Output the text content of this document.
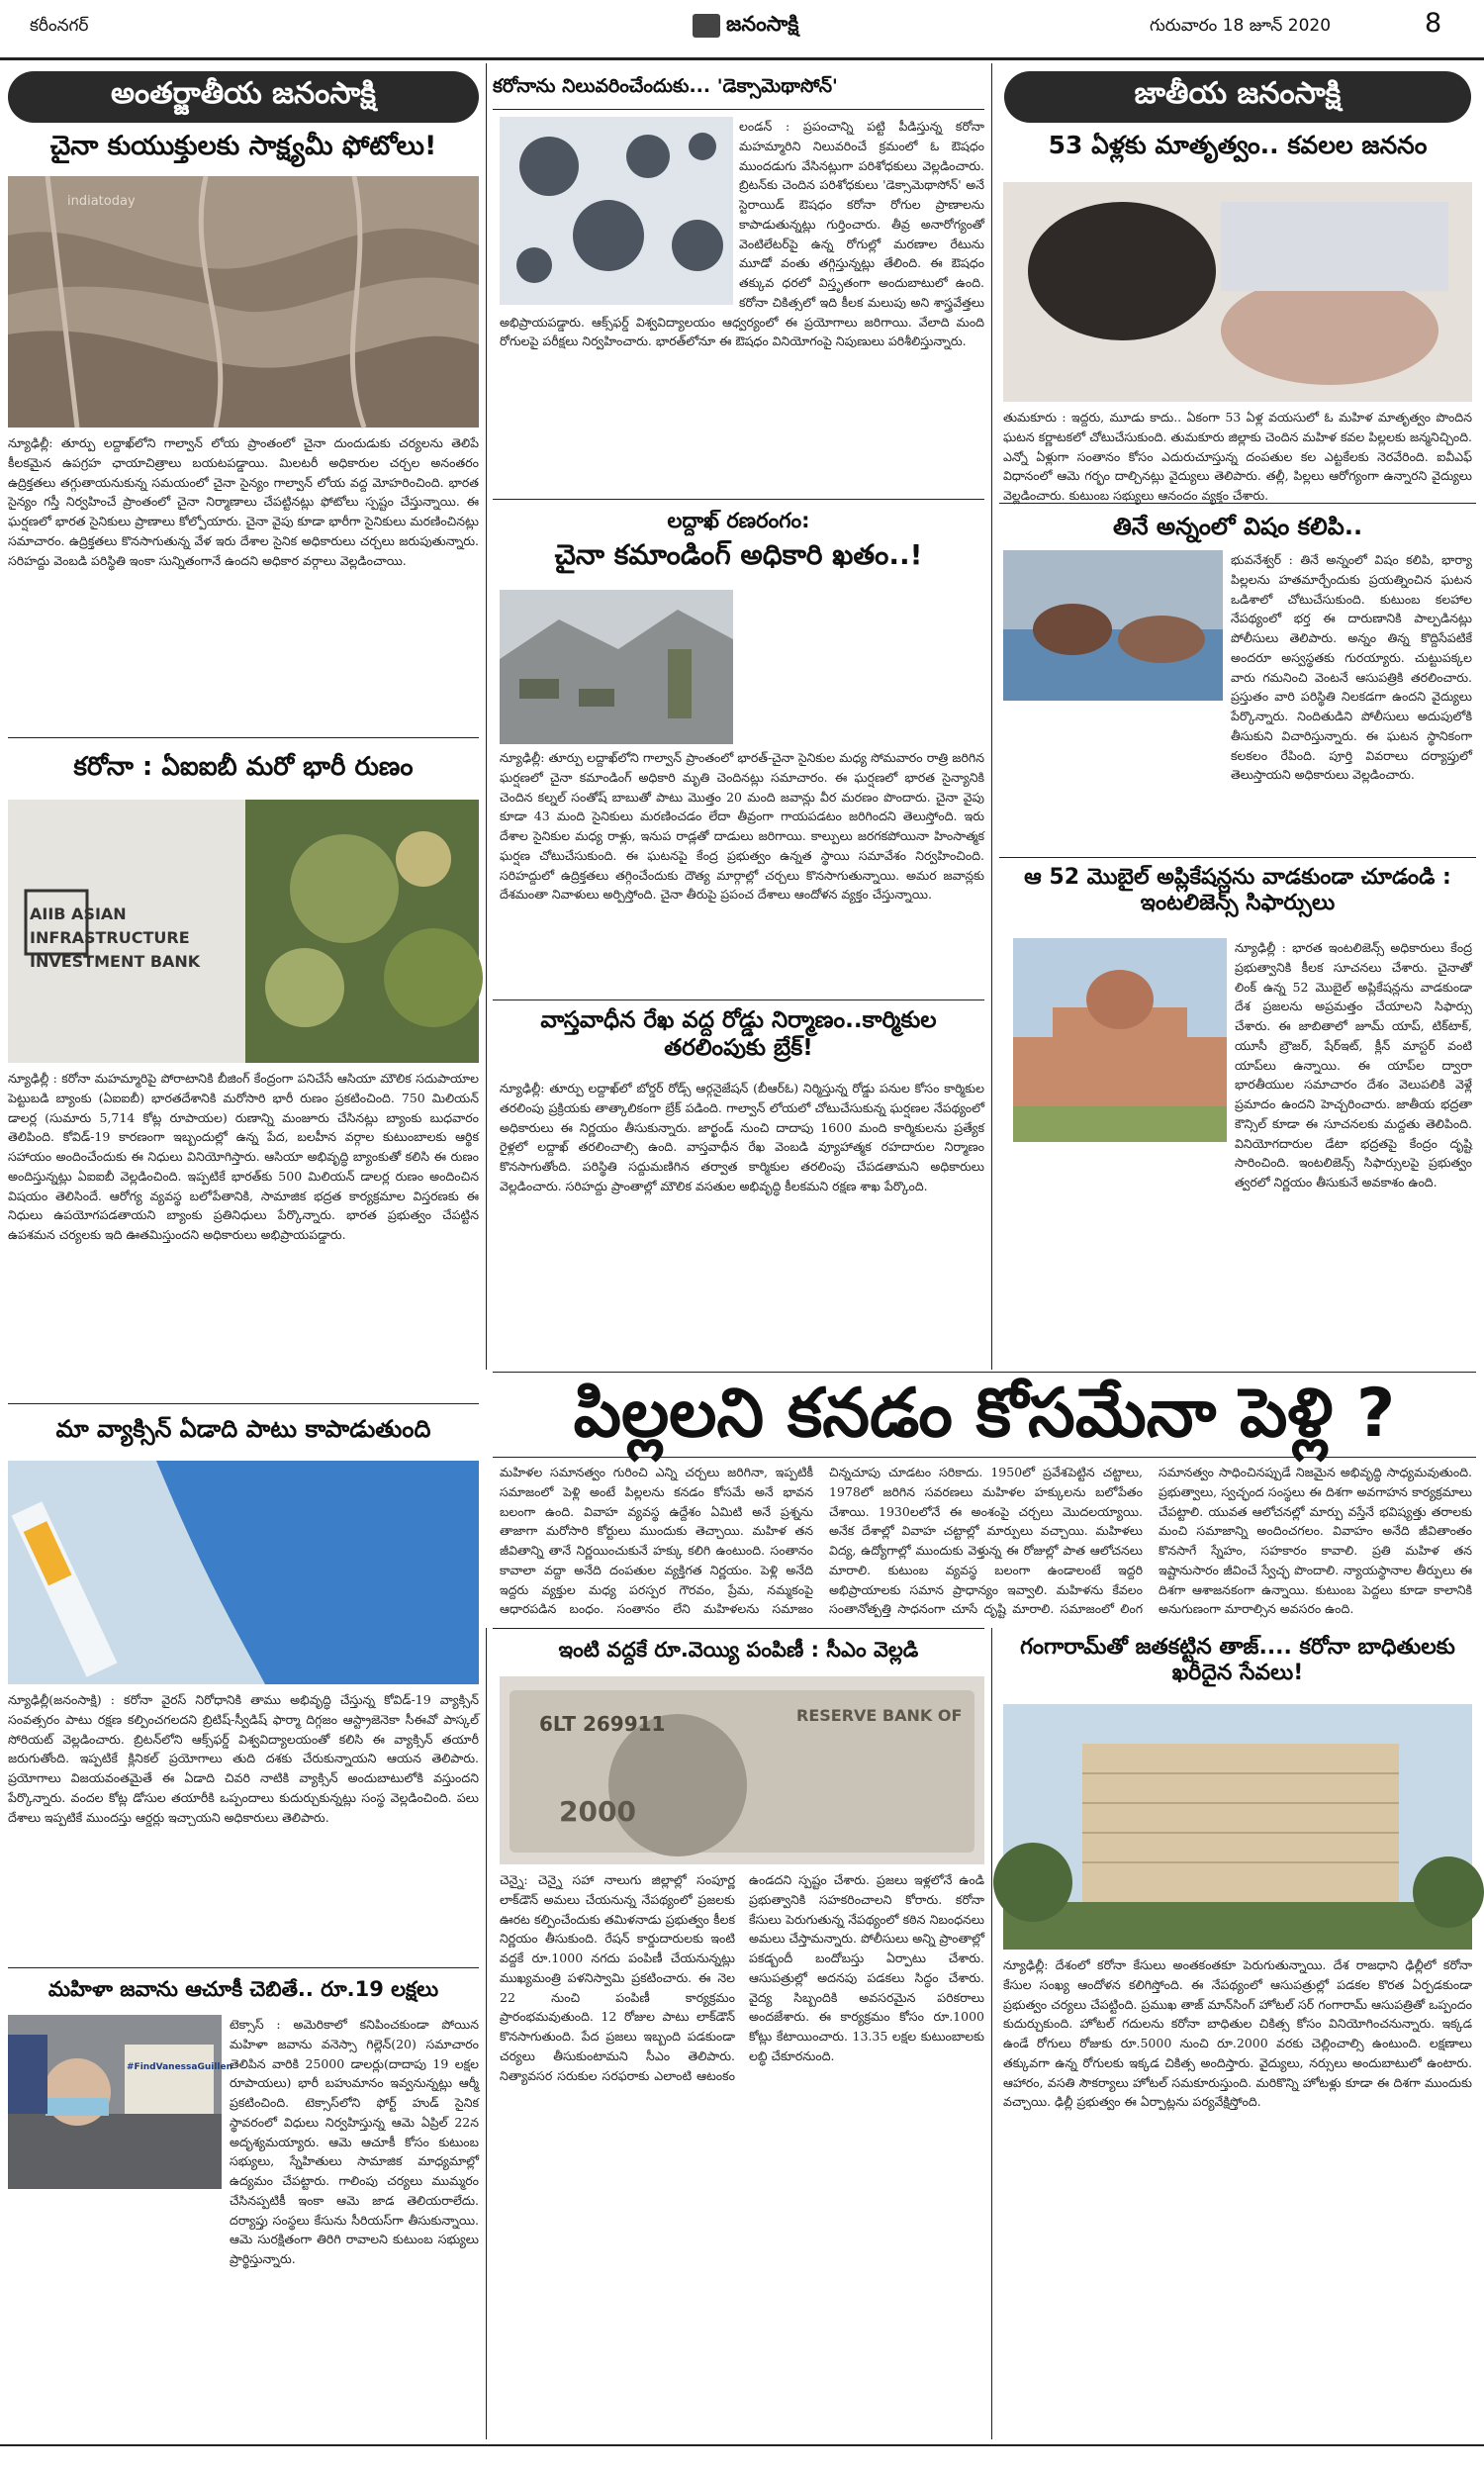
కరీంనగర్	జనంసాక్షి	గురువారం 18 జూన్ 2020	8
అంతర్జాతీయ జనంసాక్షి
చైనా కుయుక్తులకు సాక్ష్యమీ ఫోటోలు!
indiatoday
న్యూఢిల్లీ: తూర్పు లద్దాఖ్‌లోని గాల్వాన్ లోయ ప్రాంతంలో చైనా దుందుడుకు చర్యలను తెలిపే కీలకమైన ఉపగ్రహ ఛాయాచిత్రాలు బయటపడ్డాయి. మిలటరీ అధికారుల చర్చల అనంతరం ఉద్రిక్తతలు తగ్గుతాయనుకున్న సమయంలో చైనా సైన్యం గాల్వాన్ లోయ వద్ద మోహరించింది. భారత సైన్యం గస్తీ నిర్వహించే ప్రాంతంలో చైనా నిర్మాణాలు చేపట్టినట్లు ఫోటోలు స్పష్టం చేస్తున్నాయి. ఈ ఘర్షణలో భారత సైనికులు ప్రాణాలు కోల్పోయారు. చైనా వైపు కూడా భారీగా సైనికులు మరణించినట్లు సమాచారం. ఉద్రిక్తతలు కొనసాగుతున్న వేళ ఇరు దేశాల సైనిక అధికారులు చర్చలు జరుపుతున్నారు. సరిహద్దు వెంబడి పరిస్థితి ఇంకా సున్నితంగానే ఉందని అధికార వర్గాలు వెల్లడించాయి.
కరోనా : ఏఐఐబీ మరో భారీ రుణం
AIIB ASIAN INFRASTRUCTURE INVESTMENT BANK
న్యూఢిల్లీ : కరోనా మహమ్మారిపై పోరాటానికి బీజింగ్ కేంద్రంగా పనిచేసే ఆసియా మౌలిక సదుపాయాల పెట్టుబడి బ్యాంకు (ఏఐఐబీ) భారతదేశానికి మరోసారి భారీ రుణం ప్రకటించింది. 750 మిలియన్ డాలర్ల (సుమారు 5,714 కోట్ల రూపాయల) రుణాన్ని మంజూరు చేసినట్లు బ్యాంకు బుధవారం తెలిపింది. కోవిడ్-19 కారణంగా ఇబ్బందుల్లో ఉన్న పేద, బలహీన వర్గాల కుటుంబాలకు ఆర్థిక సహాయం అందించేందుకు ఈ నిధులు వినియోగిస్తారు. ఆసియా అభివృద్ధి బ్యాంకుతో కలిసి ఈ రుణం అందిస్తున్నట్లు ఏఐఐబీ వెల్లడించింది. ఇప్పటికే భారత్‌కు 500 మిలియన్ డాలర్ల రుణం అందించిన విషయం తెలిసిందే. ఆరోగ్య వ్యవస్థ బలోపేతానికి, సామాజిక భద్రత కార్యక్రమాల విస్తరణకు ఈ నిధులు ఉపయోగపడతాయని బ్యాంకు ప్రతినిధులు పేర్కొన్నారు. భారత ప్రభుత్వం చేపట్టిన ఉపశమన చర్యలకు ఇది ఊతమిస్తుందని అధికారులు అభిప్రాయపడ్డారు.
మా వ్యాక్సిన్ ఏడాది పాటు కాపాడుతుంది
న్యూఢిల్లీ(జ‌నంసాక్షి) : కరోనా వైరస్ నిరోధానికి తాము అభివృద్ధి చేస్తున్న కోవిడ్-19 వ్యాక్సిన్ సంవత్సరం పాటు రక్షణ కల్పించగలదని బ్రిటిష్-స్వీడిష్ ఫార్మా దిగ్గజం ఆస్ట్రాజెనెకా సీఈవో పాస్కల్ సోరియట్ వెల్లడించారు. బ్రిటన్‌లోని ఆక్స్‌ఫర్డ్ విశ్వవిద్యాలయంతో కలిసి ఈ వ్యాక్సిన్ తయారీ జరుగుతోంది. ఇప్పటికే క్లినికల్ ప్రయోగాలు తుది దశకు చేరుకున్నాయని ఆయన తెలిపారు. ప్రయోగాలు విజయవంతమైతే ఈ ఏడాది చివరి నాటికి వ్యాక్సిన్ అందుబాటులోకి వస్తుందని పేర్కొన్నారు. వందల కోట్ల డోసుల తయారీకి ఒప్పందాలు కుదుర్చుకున్నట్లు సంస్థ వెల్లడించింది. పలు దేశాలు ఇప్పటికే ముందస్తు ఆర్డర్లు ఇచ్చాయని అధికారులు తెలిపారు.
మహిళా జవాను ఆచూకీ చెబితే.. రూ.19 లక్షలు
#FindVanessaGuillen
టెక్సాస్ : అమెరికాలో కనిపించకుండా పోయిన మహిళా జవాను వనెస్సా గిల్లెన్(20) సమాచారం తెలిపిన వారికి 25000 డాలర్లు(దాదాపు 19 లక్షల రూపాయలు) భారీ బహుమానం ఇవ్వనున్నట్లు ఆర్మీ ప్రకటించింది. టెక్సాస్‌లోని ఫోర్ట్ హుడ్ సైనిక స్థావరంలో విధులు నిర్వహిస్తున్న ఆమె ఏప్రిల్ 22న అదృశ్యమయ్యారు. ఆమె ఆచూకీ కోసం కుటుంబ సభ్యులు, స్నేహితులు సామాజిక మాధ్యమాల్లో ఉద్యమం చేపట్టారు. గాలింపు చర్యలు ముమ్మరం చేసినప్పటికీ ఇంకా ఆమె జాడ తెలియరాలేదు. దర్యాప్తు సంస్థలు కేసును సీరియస్‌గా తీసుకున్నాయి. ఆమె సురక్షితంగా తిరిగి రావాలని కుటుంబ సభ్యులు ప్రార్థిస్తున్నారు.
కరోనాను నిలువరించేందుకు... 'డెక్సామెథాసోన్'
లండన్ : ప్రపంచాన్ని పట్టి పీడిస్తున్న కరోనా మహమ్మారిని నిలువరించే క్రమంలో ఓ ఔషధం ముందడుగు వేసినట్లుగా పరిశోధకులు వెల్లడించారు. బ్రిటన్‌కు చెందిన పరిశోధకులు 'డెక్సామెథాసోన్' అనే స్టెరాయిడ్ ఔషధం కరోనా రోగుల ప్రాణాలను కాపాడుతున్నట్లు గుర్తించారు. తీవ్ర అనారోగ్యంతో వెంటిలేటర్‌పై ఉన్న రోగుల్లో మరణాల రేటును మూడో వంతు తగ్గిస్తున్నట్లు తేలింది. ఈ ఔషధం తక్కువ ధరలో విస్తృతంగా అందుబాటులో ఉంది. కరోనా చికిత్సలో ఇది కీలక మలుపు అని శాస్త్రవేత్తలు అభిప్రాయపడ్డారు. ఆక్స్‌ఫర్డ్ విశ్వవిద్యాలయం ఆధ్వర్యంలో ఈ ప్రయోగాలు జరిగాయి. వేలాది మంది రోగులపై పరీక్షలు నిర్వహించారు. భారత్‌లోనూ ఈ ఔషధం వినియోగంపై నిపుణులు పరిశీలిస్తున్నారు.
లద్దాఖ్ రణరంగం:
చైనా కమాండింగ్ అధికారి ఖతం..!
న్యూఢిల్లీ: తూర్పు లద్దాఖ్‌లోని గాల్వాన్ ప్రాంతంలో భారత్-చైనా సైనికుల మధ్య సోమవారం రాత్రి జరిగిన ఘర్షణలో చైనా కమాండింగ్ అధికారి మృతి చెందినట్లు సమాచారం. ఈ ఘర్షణలో భారత సైన్యానికి చెందిన కల్నల్ సంతోష్ బాబుతో పాటు మొత్తం 20 మంది జవాన్లు వీర మరణం పొందారు. చైనా వైపు కూడా 43 మంది సైనికులు మరణించడం లేదా తీవ్రంగా గాయపడటం జరిగిందని తెలుస్తోంది. ఇరు దేశాల సైనికుల మధ్య రాళ్లు, ఇనుప రాడ్లతో దాడులు జరిగాయి. కాల్పులు జరగకపోయినా హింసాత్మక ఘర్షణ చోటుచేసుకుంది. ఈ ఘటనపై కేంద్ర ప్రభుత్వం ఉన్నత స్థాయి సమావేశం నిర్వహించింది. సరిహద్దులో ఉద్రిక్తతలు తగ్గించేందుకు దౌత్య మార్గాల్లో చర్చలు కొనసాగుతున్నాయి. అమర జవాన్లకు దేశమంతా నివాళులు అర్పిస్తోంది. చైనా తీరుపై ప్రపంచ దేశాలు ఆందోళన వ్యక్తం చేస్తున్నాయి.
వాస్తవాధీన రేఖ వద్ద రోడ్డు నిర్మాణం..కార్మికుల తరలింపుకు బ్రేక్!
న్యూఢిల్లీ: తూర్పు లద్దాఖ్‌లో బోర్డర్ రోడ్స్ ఆర్గనైజేషన్ (బీఆర్‌ఓ) నిర్మిస్తున్న రోడ్డు పనుల కోసం కార్మికుల తరలింపు ప్రక్రియకు తాత్కాలికంగా బ్రేక్ పడింది. గాల్వాన్ లోయలో చోటుచేసుకున్న ఘర్షణల నేపథ్యంలో అధికారులు ఈ నిర్ణయం తీసుకున్నారు. జార్ఖండ్ నుంచి దాదాపు 1600 మంది కార్మికులను ప్రత్యేక రైళ్లలో లద్దాఖ్ తరలించాల్సి ఉంది. వాస్తవాధీన రేఖ వెంబడి వ్యూహాత్మక రహదారుల నిర్మాణం కొనసాగుతోంది. పరిస్థితి సద్దుమణిగిన తర్వాత కార్మికుల తరలింపు చేపడతామని అధికారులు వెల్లడించారు. సరిహద్దు ప్రాంతాల్లో మౌలిక వసతుల అభివృద్ధి కీలకమని రక్షణ శాఖ పేర్కొంది.
జాతీయ జనంసాక్షి
53 ఏళ్లకు మాతృత్వం.. కవలల జననం
తుమకూరు : ఇద్దరు, మూడు కాదు.. ఏకంగా 53 ఏళ్ల వయసులో ఓ మహిళ మాతృత్వం పొందిన ఘటన కర్ణాటకలో చోటుచేసుకుంది. తుమకూరు జిల్లాకు చెందిన మహిళ కవల పిల్లలకు జన్మనిచ్చింది. ఎన్నో ఏళ్లుగా సంతానం కోసం ఎదురుచూస్తున్న దంపతుల కల ఎట్టకేలకు నెరవేరింది. ఐవీఎఫ్ విధానంలో ఆమె గర్భం దాల్చినట్లు వైద్యులు తెలిపారు. తల్లీ, పిల్లలు ఆరోగ్యంగా ఉన్నారని వైద్యులు వెల్లడించారు. కుటుంబ సభ్యులు ఆనందం వ్యక్తం చేశారు.
తినే అన్నంలో విషం కలిపి..
భువనేశ్వర్ : తినే అన్నంలో విషం కలిపి, భార్యా పిల్లలను హతమార్చేందుకు ప్రయత్నించిన ఘటన ఒడిశాలో చోటుచేసుకుంది. కుటుంబ కలహాల నేపథ్యంలో భర్త ఈ దారుణానికి పాల్పడినట్లు పోలీసులు తెలిపారు. అన్నం తిన్న కొద్దిసేపటికే అందరూ అస్వస్థతకు గురయ్యారు. చుట్టుపక్కల వారు గమనించి వెంటనే ఆసుపత్రికి తరలించారు. ప్రస్తుతం వారి పరిస్థితి నిలకడగా ఉందని వైద్యులు పేర్కొన్నారు. నిందితుడిని పోలీసులు అదుపులోకి తీసుకుని విచారిస్తున్నారు. ఈ ఘటన స్థానికంగా కలకలం రేపింది. పూర్తి వివరాలు దర్యాప్తులో తెలుస్తాయని అధికారులు వెల్లడించారు.
ఆ 52 మొబైల్ అప్లికేషన్లను వాడకుండా చూడండి : ఇంటలిజెన్స్ సిఫార్సులు
న్యూఢిల్లీ : భారత ఇంటలిజెన్స్ అధికారులు కేంద్ర ప్రభుత్వానికి కీలక సూచనలు చేశారు. చైనాతో లింక్ ఉన్న 52 మొబైల్ అప్లికేషన్లను వాడకుండా దేశ ప్రజలను అప్రమత్తం చేయాలని సిఫార్సు చేశారు. ఈ జాబితాలో జూమ్ యాప్, టిక్‌టాక్, యూసీ బ్రౌజర్, షేర్ఇట్, క్లీన్ మాస్టర్ వంటి యాప్‌లు ఉన్నాయి. ఈ యాప్‌ల ద్వారా భారతీయుల సమాచారం దేశం వెలుపలికి వెళ్లే ప్రమాదం ఉందని హెచ్చరించారు. జాతీయ భద్రతా కౌన్సిల్ కూడా ఈ సూచనలకు మద్దతు తెలిపింది. వినియోగదారుల డేటా భద్రతపై కేంద్రం దృష్టి సారించింది. ఇంటలిజెన్స్ సిఫార్సులపై ప్రభుత్వం త్వరలో నిర్ణయం తీసుకునే అవకాశం ఉంది.
పిల్లలని కనడం కోసమేనా పెళ్లి ?
మహిళల సమానత్వం గురించి ఎన్ని చర్చలు జరిగినా, ఇప్పటికీ సమాజంలో పెళ్లి అంటే పిల్లలను కనడం కోసమే అనే భావన బలంగా ఉంది. వివాహ వ్యవస్థ ఉద్దేశం ఏమిటి అనే ప్రశ్నను తాజాగా మరోసారి కోర్టులు ముందుకు తెచ్చాయి. మహిళ తన జీవితాన్ని తానే నిర్ణయించుకునే హక్కు కలిగి ఉంటుంది. సంతానం కావాలా వద్దా అనేది దంపతుల వ్యక్తిగత నిర్ణయం. పెళ్లి అనేది ఇద్దరు వ్యక్తుల మధ్య పరస్పర గౌరవం, ప్రేమ, నమ్మకంపై ఆధారపడిన బంధం. సంతానం లేని మహిళలను సమాజం చిన్నచూపు చూడటం సరికాదు. 1950లో ప్రవేశపెట్టిన చట్టాలు, 1978లో జరిగిన సవరణలు మహిళల హక్కులను బలోపేతం చేశాయి. 1930లలోనే ఈ అంశంపై చర్చలు మొదలయ్యాయి. అనేక దేశాల్లో వివాహ చట్టాల్లో మార్పులు వచ్చాయి. మహిళలు విద్య, ఉద్యోగాల్లో ముందుకు వెళ్తున్న ఈ రోజుల్లో పాత ఆలోచనలు మారాలి. కుటుంబ వ్యవస్థ బలంగా ఉండాలంటే ఇద్దరి అభిప్రాయాలకు సమాన ప్రాధాన్యం ఇవ్వాలి. మహిళను కేవలం సంతానోత్పత్తి సాధనంగా చూసే దృష్టి మారాలి. సమాజంలో లింగ సమానత్వం సాధించినప్పుడే నిజమైన అభివృద్ధి సాధ్యమవుతుంది. ప్రభుత్వాలు, స్వచ్ఛంద సంస్థలు ఈ దిశగా అవగాహన కార్యక్రమాలు చేపట్టాలి. యువత ఆలోచనల్లో మార్పు వస్తేనే భవిష్యత్తు తరాలకు మంచి సమాజాన్ని అందించగలం. వివాహం అనేది జీవితాంతం కొనసాగే స్నేహం, సహకారం కావాలి. ప్రతి మహిళ తన ఇష్టానుసారం జీవించే స్వేచ్ఛ పొందాలి. న్యాయస్థానాల తీర్పులు ఈ దిశగా ఆశాజనకంగా ఉన్నాయి. కుటుంబ పెద్దలు కూడా కాలానికి అనుగుణంగా మారాల్సిన అవసరం ఉంది.
ఇంటి వద్దకే రూ.వెయ్యి పంపిణీ : సీఎం వెల్లడి
RESERVE BANK OF
6LT 269911
2000
చెన్నై: చెన్నై సహా నాలుగు జిల్లాల్లో సంపూర్ణ లాక్‌డౌన్ అమలు చేయనున్న నేపథ్యంలో ప్రజలకు ఊరట కల్పించేందుకు తమిళనాడు ప్రభుత్వం కీలక నిర్ణయం తీసుకుంది. రేషన్ కార్డుదారులకు ఇంటి వద్దకే రూ.1000 నగదు పంపిణీ చేయనున్నట్లు ముఖ్యమంత్రి పళనిస్వామి ప్రకటించారు. ఈ నెల 22 నుంచి పంపిణీ కార్యక్రమం ప్రారంభమవుతుంది. 12 రోజుల పాటు లాక్‌డౌన్ కొనసాగుతుంది. పేద ప్రజలు ఇబ్బంది పడకుండా చర్యలు తీసుకుంటామని సీఎం తెలిపారు. నిత్యావసర సరుకుల సరఫరాకు ఎలాంటి ఆటంకం ఉండదని స్పష్టం చేశారు. ప్రజలు ఇళ్లలోనే ఉండి ప్రభుత్వానికి సహకరించాలని కోరారు. కరోనా కేసులు పెరుగుతున్న నేపథ్యంలో కఠిన నిబంధనలు అమలు చేస్తామన్నారు. పోలీసులు అన్ని ప్రాంతాల్లో పకడ్బందీ బందోబస్తు ఏర్పాటు చేశారు. ఆసుపత్రుల్లో అదనపు పడకలు సిద్ధం చేశారు. వైద్య సిబ్బందికి అవసరమైన పరికరాలు అందజేశారు. ఈ కార్యక్రమం కోసం రూ.1000 కోట్లు కేటాయించారు. 13.35 లక్షల కుటుంబాలకు లబ్ధి చేకూరనుంది.
గంగారామ్‌తో జతకట్టిన తాజ్.... కరోనా బాధితులకు ఖరీదైన సేవలు!
న్యూఢిల్లీ: దేశంలో కరోనా కేసులు అంతకంతకూ పెరుగుతున్నాయి. దేశ రాజధాని ఢిల్లీలో కరోనా కేసుల సంఖ్య ఆందోళన కలిగిస్తోంది. ఈ నేపథ్యంలో ఆసుపత్రుల్లో పడకల కొరత ఏర్పడకుండా ప్రభుత్వం చర్యలు చేపట్టింది. ప్రముఖ తాజ్ మాన్‌సింగ్ హోటల్ సర్ గంగారామ్ ఆసుపత్రితో ఒప్పందం కుదుర్చుకుంది. హోటల్ గదులను కరోనా బాధితుల చికిత్స కోసం వినియోగించనున్నారు. ఇక్కడ ఉండే రోగులు రోజుకు రూ.5000 నుంచి రూ.2000 వరకు చెల్లించాల్సి ఉంటుంది. లక్షణాలు తక్కువగా ఉన్న రోగులకు ఇక్కడ చికిత్స అందిస్తారు. వైద్యులు, నర్సులు అందుబాటులో ఉంటారు. ఆహారం, వసతి సౌకర్యాలు హోటల్ సమకూరుస్తుంది. మరికొన్ని హోటళ్లు కూడా ఈ దిశగా ముందుకు వచ్చాయి. ఢిల్లీ ప్రభుత్వం ఈ ఏర్పాట్లను పర్యవేక్షిస్తోంది.
